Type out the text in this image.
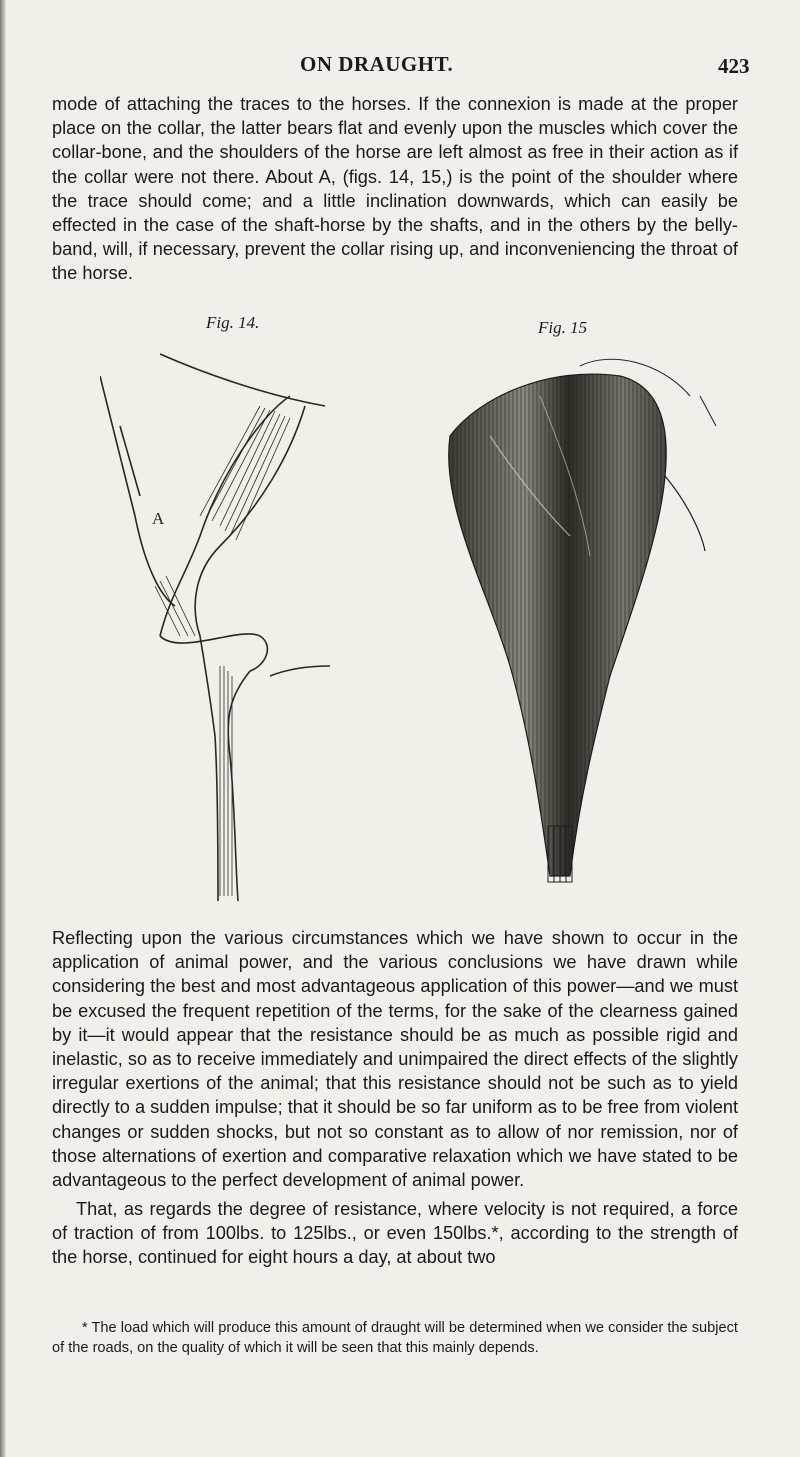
ON DRAUGHT.	423

mode of attaching the traces to the horses. If the connexion is made at the proper place on the collar, the latter bears flat and evenly upon the muscles which cover the collar-bone, and the shoulders of the horse are left almost as free in their action as if the collar were not there. About A, (figs. 14, 15,) is the point of the shoulder where the trace should come; and a little inclination downwards, which can easily be effected in the case of the shaft-horse by the shafts, and in the others by the belly-band, will, if necessary, prevent the collar rising up, and inconveniencing the throat of the horse.

Fig. 14.	Fig. 15
A

Reflecting upon the various circumstances which we have shown to occur in the application of animal power, and the various conclusions we have drawn while considering the best and most advantageous application of this power—and we must be excused the frequent repetition of the terms, for the sake of the clearness gained by it—it would appear that the resistance should be as much as possible rigid and inelastic, so as to receive immediately and unimpaired the direct effects of the slightly irregular exertions of the animal; that this resistance should not be such as to yield directly to a sudden impulse; that it should be so far uniform as to be free from violent changes or sudden shocks, but not so constant as to allow of nor remission, nor of those alternations of exertion and comparative relaxation which we have stated to be advantageous to the perfect development of animal power.

That, as regards the degree of resistance, where velocity is not required, a force of traction of from 100lbs. to 125lbs., or even 150lbs.*, according to the strength of the horse, continued for eight hours a day, at about two

* The load which will produce this amount of draught will be determined when we consider the subject of the roads, on the quality of which it will be seen that this mainly depends.
